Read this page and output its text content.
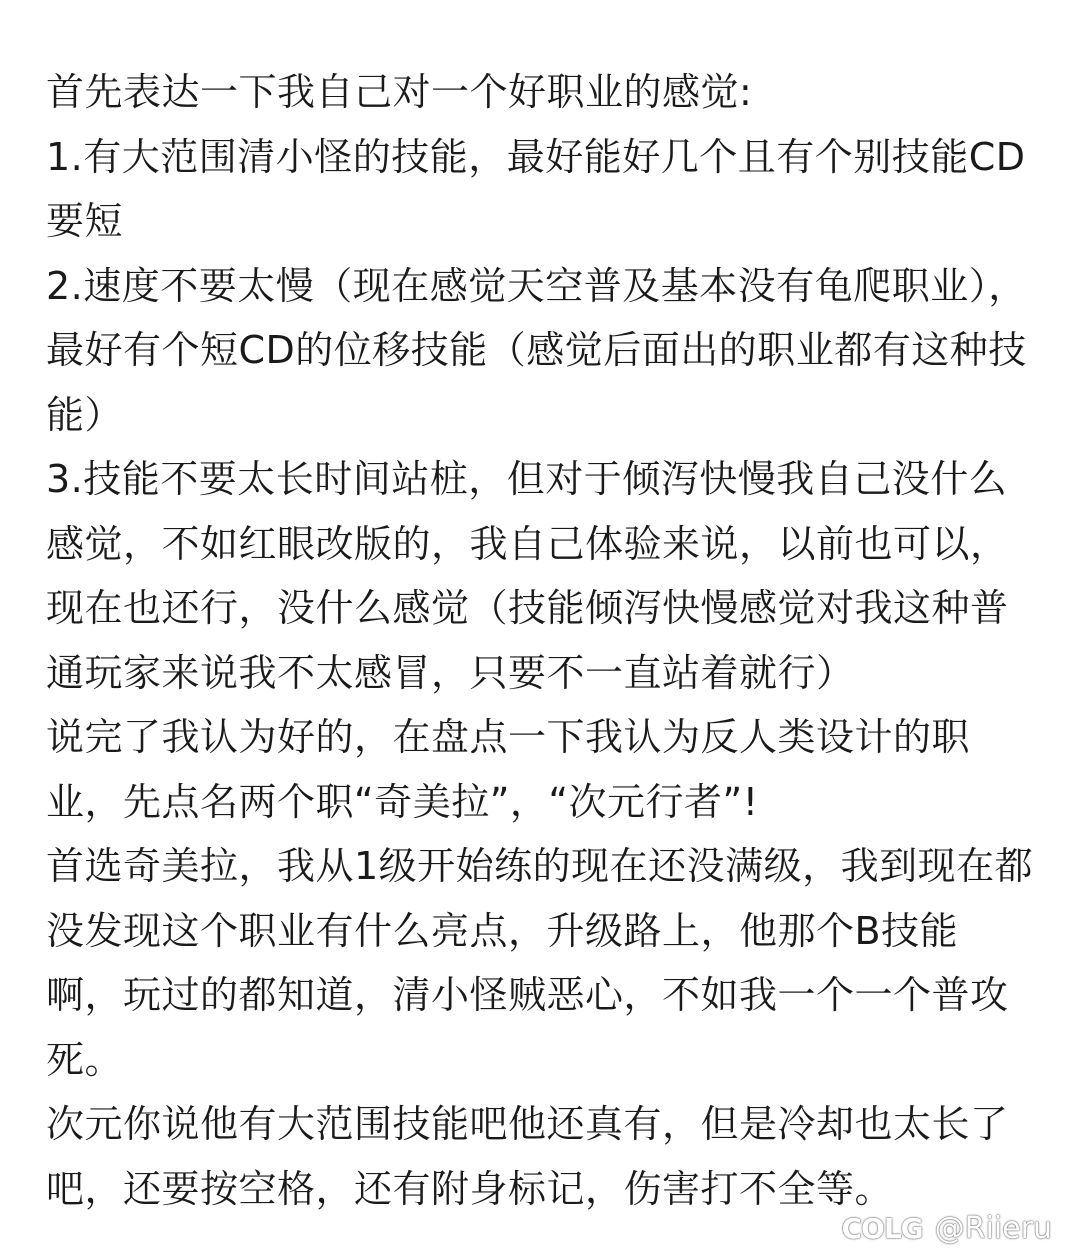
首先表达一下我自己对一个好职业的感觉:

1.有大范围清小怪的技能，最好能好几个且有个别技能CD要短

2.速度不要太慢（现在感觉天空普及基本没有龟爬职业），最好有个短CD的位移技能（感觉后面出的职业都有这种技能）

3.技能不要太长时间站桩，但对于倾泻快慢我自己没什么感觉，不如红眼改版的，我自己体验来说，以前也可以，现在也还行，没什么感觉（技能倾泻快慢感觉对我这种普通玩家来说我不太感冒，只要不一直站着就行）

说完了我认为好的，在盘点一下我认为反人类设计的职业，先点名两个职“奇美拉”，“次元行者”!

首选奇美拉，我从1级开始练的现在还没满级，我到现在都没发现这个职业有什么亮点，升级路上，他那个B技能啊，玩过的都知道，清小怪贼恶心，不如我一个一个普攻死。

次元你说他有大范围技能吧他还真有，但是冷却也太长了吧，还要按空格，还有附身标记，伤害打不全等。

COLG @Riieru
